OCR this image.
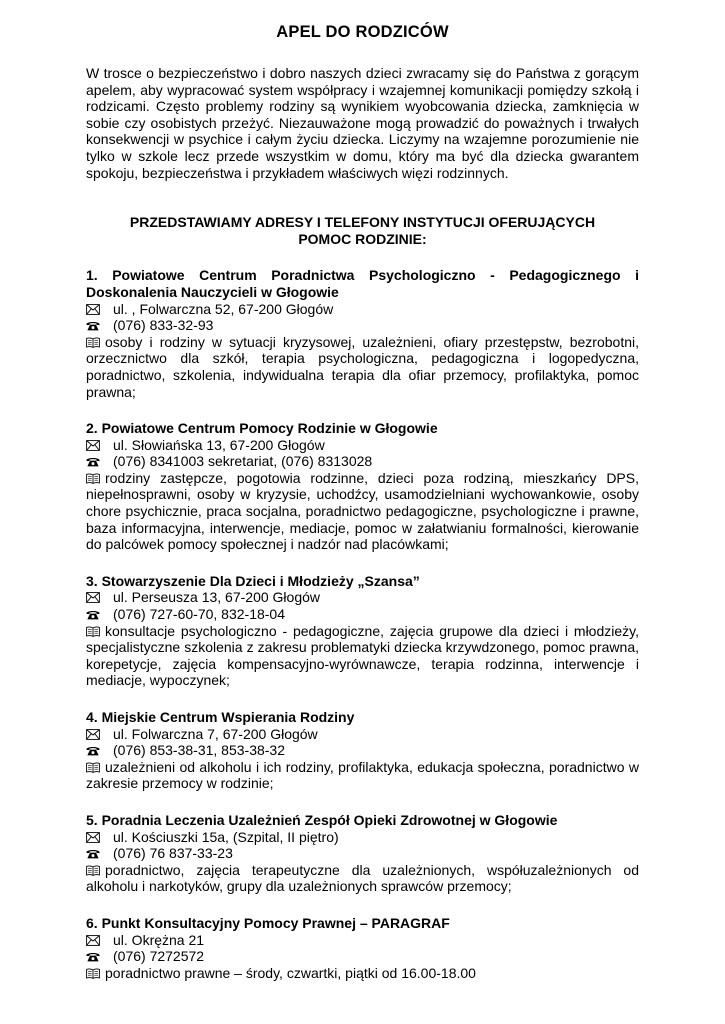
APEL DO RODZICÓW

W trosce o bezpieczeństwo i dobro naszych dzieci zwracamy się do Państwa z gorącym apelem, aby wypracować system współpracy i wzajemnej komunikacji pomiędzy szkołą i rodzicami. Często problemy rodziny są wynikiem wyobcowania dziecka, zamknięcia w sobie czy osobistych przeżyć. Niezauważone mogą prowadzić do poważnych i trwałych konsekwencji w psychice i całym życiu dziecka. Liczymy na wzajemne porozumienie nie tylko w szkole lecz przede wszystkim w domu, który ma być dla dziecka gwarantem spokoju, bezpieczeństwa i przykładem właściwych więzi rodzinnych.

PRZEDSTAWIAMY ADRESY I TELEFONY INSTYTUCJI OFERUJĄCYCH
POMOC RODZINIE:
1. Powiatowe Centrum Poradnictwa Psychologiczno - Pedagogicznego i Doskonalenia Nauczycieli w Głogowie
ul. , Folwarczna 52, 67-200 Głogów
(076) 833-32-93
osoby i rodziny w sytuacji kryzysowej, uzależnieni, ofiary przestępstw, bezrobotni, orzecznictwo dla szkół, terapia psychologiczna, pedagogiczna i logopedyczna, poradnictwo, szkolenia, indywidualna terapia dla ofiar przemocy, profilaktyka, pomoc prawna;
2. Powiatowe Centrum Pomocy Rodzinie w Głogowie
ul. Słowiańska 13, 67-200 Głogów
(076) 8341003 sekretariat, (076) 8313028
rodziny zastępcze, pogotowia rodzinne, dzieci poza rodziną, mieszkańcy DPS, niepełnosprawni, osoby w kryzysie, uchodźcy, usamodzielniani wychowankowie, osoby chore psychicznie, praca socjalna, poradnictwo pedagogiczne, psychologiczne i prawne, baza informacyjna, interwencje, mediacje, pomoc w załatwianiu formalności, kierowanie do palcówek pomocy społecznej i nadzór nad placówkami;
3. Stowarzyszenie Dla Dzieci i Młodzieży „Szansa”
ul. Perseusza 13, 67-200 Głogów
(076) 727-60-70, 832-18-04
konsultacje psychologiczno - pedagogiczne, zajęcia grupowe dla dzieci i młodzieży, specjalistyczne szkolenia z zakresu problematyki dziecka krzywdzonego, pomoc prawna, korepetycje, zajęcia kompensacyjno-wyrównawcze, terapia rodzinna, interwencje i mediacje, wypoczynek;
4. Miejskie Centrum Wspierania Rodziny
ul. Folwarczna 7, 67-200 Głogów
(076) 853-38-31, 853-38-32
uzależnieni od alkoholu i ich rodziny, profilaktyka, edukacja społeczna, poradnictwo w zakresie przemocy w rodzinie;
5. Poradnia Leczenia Uzależnień Zespół Opieki Zdrowotnej w Głogowie
ul. Kościuszki 15a, (Szpital, II piętro)
(076) 76 837-33-23
poradnictwo, zajęcia terapeutyczne dla uzależnionych, współuzależnionych od alkoholu i narkotyków, grupy dla uzależnionych sprawców przemocy;
6. Punkt Konsultacyjny Pomocy Prawnej – PARAGRAF
ul. Okrężna 21
(076) 7272572
poradnictwo prawne – środy, czwartki, piątki od 16.00-18.00
